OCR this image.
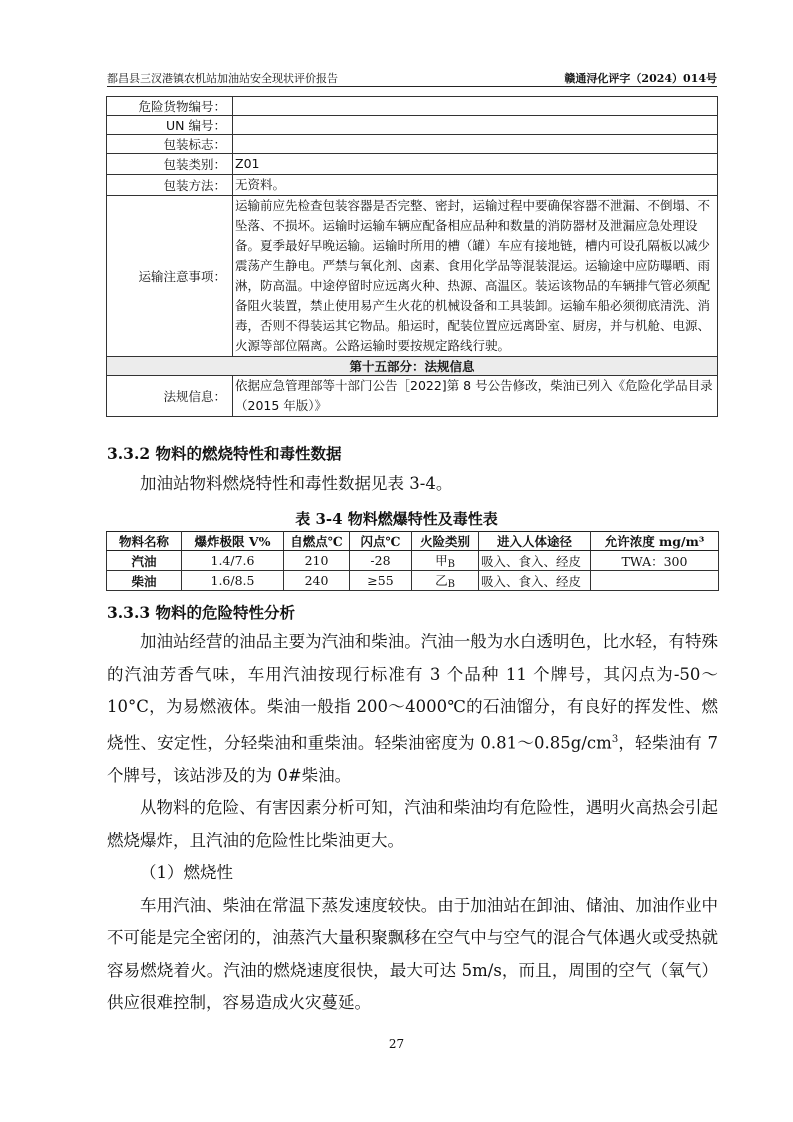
都昌县三汊港镇农机站加油站安全现状评价报告	赣通浔化评字（2024）014号
危险货物编号：	
UN 编号：	
包装标志：	
包装类别：	Z01
包装方法：	无资料。
运输注意事项：	运输前应先检查包装容器是否完整、密封，运输过程中要确保容器不泄漏、不倒塌、不坠落、不损坏。运输时运输车辆应配备相应品种和数量的消防器材及泄漏应急处理设备。夏季最好早晚运输。运输时所用的槽（罐）车应有接地链，槽内可设孔隔板以减少震荡产生静电。严禁与氧化剂、卤素、食用化学品等混装混运。运输途中应防曝晒、雨淋，防高温。中途停留时应远离火种、热源、高温区。装运该物品的车辆排气管必须配备阻火装置，禁止使用易产生火花的机械设备和工具装卸。运输车船必须彻底清洗、消毒，否则不得装运其它物品。船运时，配装位置应远离卧室、厨房，并与机舱、电源、火源等部位隔离。公路运输时要按规定路线行驶。
第十五部分：法规信息	
法规信息：	依据应急管理部等十部门公告［2022]第 8 号公告修改，柴油已列入《危险化学品目录（2015 年版）》
3.3.2 物料的燃烧特性和毒性数据

加油站物料燃烧特性和毒性数据见表 3-4。

表 3-4 物料燃爆特性及毒性表
物料名称	爆炸极限 V%	自燃点℃	闪点℃	火险类别	进入人体途径	允许浓度 mg/m³
汽油	1.4/7.6	210	-28	甲$_B$	吸入、食入、经皮	TWA：300
柴油	1.6/8.5	240	≥55	乙$_B$	吸入、食入、经皮	
3.3.3 物料的危险特性分析

加油站经营的油品主要为汽油和柴油。汽油一般为水白透明色，比水轻，有特殊的汽油芳香气味，车用汽油按现行标准有 3 个品种 11 个牌号，其闪点为-50～10°C，为易燃液体。柴油一般指 200～4000℃的石油馏分，有良好的挥发性、燃烧性、安定性，分轻柴油和重柴油。轻柴油密度为 $0.81\sim 0.85g/cm^3$，轻柴油有 7 个牌号，该站涉及的为 0#柴油。

从物料的危险、有害因素分析可知，汽油和柴油均有危险性，遇明火高热会引起燃烧爆炸，且汽油的危险性比柴油更大。

（1）燃烧性

车用汽油、柴油在常温下蒸发速度较快。由于加油站在卸油、储油、加油作业中不可能是完全密闭的，油蒸汽大量积聚飘移在空气中与空气的混合气体遇火或受热就容易燃烧着火。汽油的燃烧速度很快，最大可达 5m/s，而且，周围的空气（氧气）供应很难控制，容易造成火灾蔓延。

27
